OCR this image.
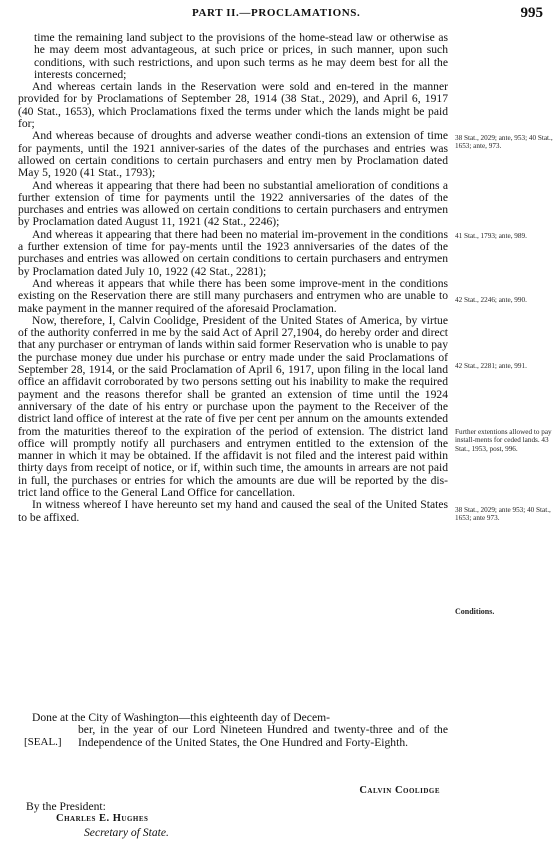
PART II.—PROCLAMATIONS.	995

time the remaining land subject to the provisions of the home-stead law or otherwise as he may deem most advantageous, at such price or prices, in such manner, upon such conditions, with such restrictions, and upon such terms as he may deem best for all the interests concerned;

And whereas certain lands in the Reservation were sold and en-tered in the manner provided for by Proclamations of September 28, 1914 (38 Stat., 2029), and April 6, 1917 (40 Stat., 1653), which Proclamations fixed the terms under which the lands might be paid for;

And whereas because of droughts and adverse weather condi-tions an extension of time for payments, until the 1921 anniver-saries of the dates of the purchases and entries was allowed on certain conditions to certain purchasers and entry men by Proclamation dated May 5, 1920 (41 Stat., 1793);

And whereas it appearing that there had been no substantial amelioration of conditions a further extension of time for payments until the 1922 anniversaries of the dates of the purchases and entries was allowed on certain conditions to certain purchasers and entrymen by Proclamation dated August 11, 1921 (42 Stat., 2246);

And whereas it appearing that there had been no material im-provement in the conditions a further extension of time for pay-ments until the 1923 anniversaries of the dates of the purchases and entries was allowed on certain conditions to certain purchasers and entrymen by Proclamation dated July 10, 1922 (42 Stat., 2281);

And whereas it appears that while there has been some improve-ment in the conditions existing on the Reservation there are still many purchasers and entrymen who are unable to make payment in the manner required of the aforesaid Proclamation.

Now, therefore, I, Calvin Coolidge, President of the United States of America, by virtue of the authority conferred in me by the said Act of April 27,1904, do hereby order and direct that any purchaser or entryman of lands within said former Reservation who is unable to pay the purchase money due under his purchase or entry made under the said Proclamations of September 28, 1914, or the said Proclamation of April 6, 1917, upon filing in the local land office an affidavit corroborated by two persons setting out his inability to make the required payment and the reasons therefor shall be granted an extension of time until the 1924 anniversary of the date of his entry or purchase upon the payment to the Receiver of the district land office of interest at the rate of five per cent per annum on the amounts extended from the maturities thereof to the expiration of the period of extension. The district land office will promptly notify all purchasers and entrymen entitled to the extension of the manner in which it may be obtained. If the affidavit is not filed and the interest paid within thirty days from receipt of notice, or if, within such time, the amounts in arrears are not paid in full, the purchases or entries for which the amounts are due will be reported by the dis-trict land office to the General Land Office for cancellation.

In witness whereof I have hereunto set my hand and caused the seal of the United States to be affixed.

38 Stat., 2029; ante, 953; 40 Stat., 1653; ante, 973.
41 Stat., 1793; ante, 989.
42 Stat., 2246; ante, 990.
42 Stat., 2281; ante, 991.
Further extentions allowed to pay install-ments for ceded lands. 43 Stat., 1953, post, 996.
38 Stat., 2029; ante 953; 40 Stat., 1653; ante 973.
Conditions.
Done at the City of Washington—this eighteenth day of Decem-
[SEAL.]
ber, in the year of our Lord Nineteen Hundred and twenty-three and of the Independence of the United States, the One Hundred and Forty-Eighth.
Calvin Coolidge
By the President:
Charles E. Hughes
Secretary of State.
